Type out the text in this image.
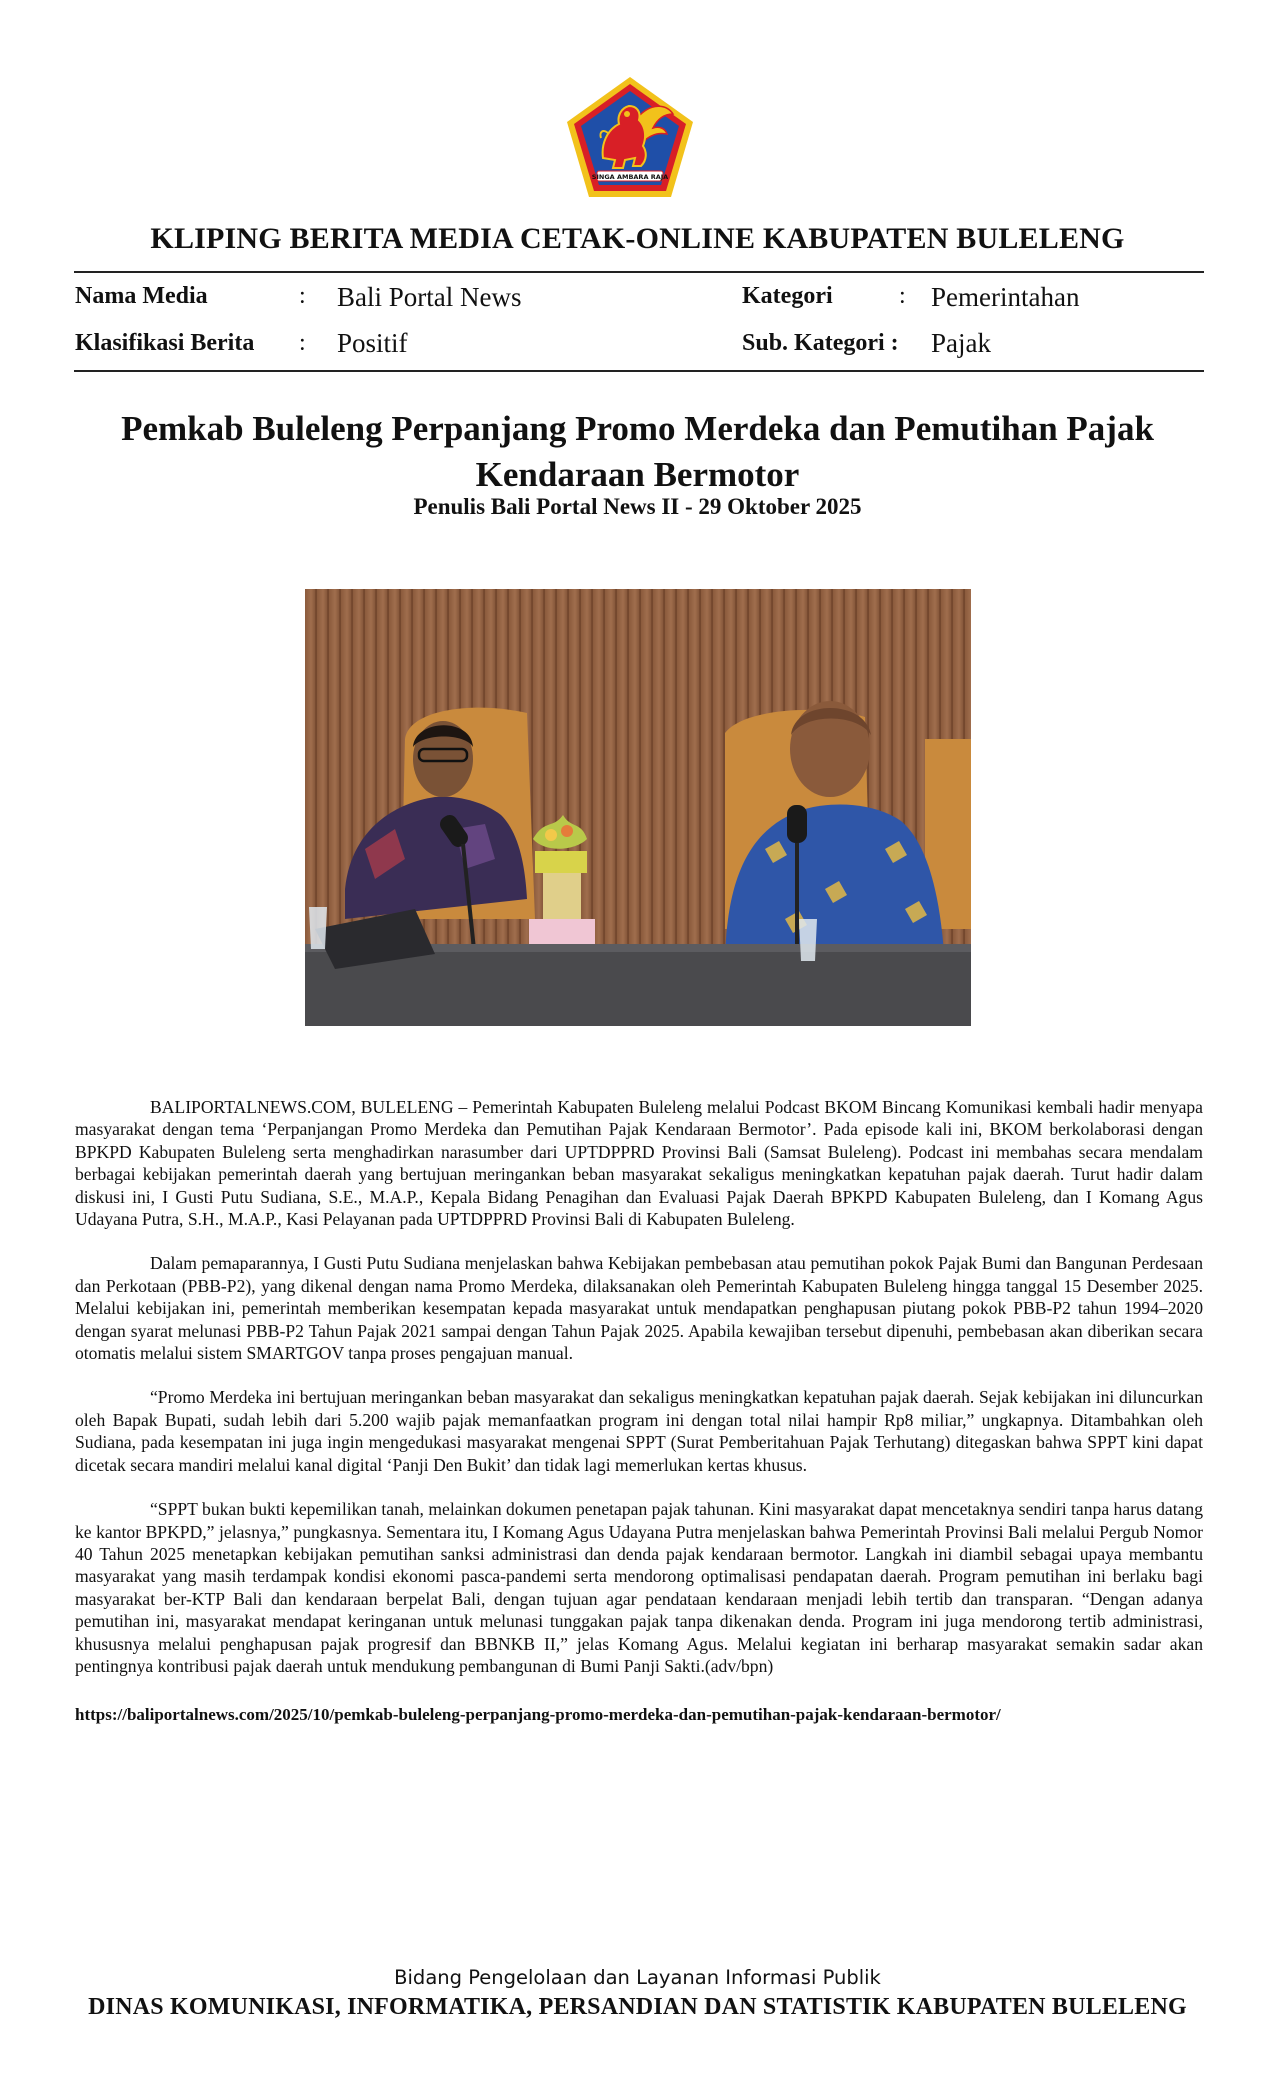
SINGA AMBARA RAJA
KLIPING BERITA MEDIA CETAK-ONLINE KABUPATEN BULELENG
Nama Media	: Bali Portal News	Kategori	: Pemerintahan
Klasifikasi Berita : Positif	Sub. Kategori : Pajak
Pemkab Buleleng Perpanjang Promo Merdeka dan Pemutihan Pajak Kendaraan Bermotor
Penulis Bali Portal News II - 29 Oktober 2025

BALIPORTALNEWS.COM, BULELENG – Pemerintah Kabupaten Buleleng melalui Podcast BKOM Bincang Komunikasi kembali hadir menyapa masyarakat dengan tema ‘Perpanjangan Promo Merdeka dan Pemutihan Pajak Kendaraan Bermotor’. Pada episode kali ini, BKOM berkolaborasi dengan BPKPD Kabupaten Buleleng serta menghadirkan narasumber dari UPTDPPRD Provinsi Bali (Samsat Buleleng). Podcast ini membahas secara mendalam berbagai kebijakan pemerintah daerah yang bertujuan meringankan beban masyarakat sekaligus meningkatkan kepatuhan pajak daerah. Turut hadir dalam diskusi ini, I Gusti Putu Sudiana, S.E., M.A.P., Kepala Bidang Penagihan dan Evaluasi Pajak Daerah BPKPD Kabupaten Buleleng, dan I Komang Agus Udayana Putra, S.H., M.A.P., Kasi Pelayanan pada UPTDPPRD Provinsi Bali di Kabupaten Buleleng.

Dalam pemaparannya, I Gusti Putu Sudiana menjelaskan bahwa Kebijakan pembebasan atau pemutihan pokok Pajak Bumi dan Bangunan Perdesaan dan Perkotaan (PBB-P2), yang dikenal dengan nama Promo Merdeka, dilaksanakan oleh Pemerintah Kabupaten Buleleng hingga tanggal 15 Desember 2025. Melalui kebijakan ini, pemerintah memberikan kesempatan kepada masyarakat untuk mendapatkan penghapusan piutang pokok PBB-P2 tahun 1994–2020 dengan syarat melunasi PBB-P2 Tahun Pajak 2021 sampai dengan Tahun Pajak 2025. Apabila kewajiban tersebut dipenuhi, pembebasan akan diberikan secara otomatis melalui sistem SMARTGOV tanpa proses pengajuan manual.

“Promo Merdeka ini bertujuan meringankan beban masyarakat dan sekaligus meningkatkan kepatuhan pajak daerah. Sejak kebijakan ini diluncurkan oleh Bapak Bupati, sudah lebih dari 5.200 wajib pajak memanfaatkan program ini dengan total nilai hampir Rp8 miliar,” ungkapnya. Ditambahkan oleh Sudiana, pada kesempatan ini juga ingin mengedukasi masyarakat mengenai SPPT (Surat Pemberitahuan Pajak Terhutang) ditegaskan bahwa SPPT kini dapat dicetak secara mandiri melalui kanal digital ‘Panji Den Bukit’ dan tidak lagi memerlukan kertas khusus.

“SPPT bukan bukti kepemilikan tanah, melainkan dokumen penetapan pajak tahunan. Kini masyarakat dapat mencetaknya sendiri tanpa harus datang ke kantor BPKPD,” jelasnya,” pungkasnya. Sementara itu, I Komang Agus Udayana Putra menjelaskan bahwa Pemerintah Provinsi Bali melalui Pergub Nomor 40 Tahun 2025 menetapkan kebijakan pemutihan sanksi administrasi dan denda pajak kendaraan bermotor. Langkah ini diambil sebagai upaya membantu masyarakat yang masih terdampak kondisi ekonomi pasca-pandemi serta mendorong optimalisasi pendapatan daerah. Program pemutihan ini berlaku bagi masyarakat ber-KTP Bali dan kendaraan berpelat Bali, dengan tujuan agar pendataan kendaraan menjadi lebih tertib dan transparan. “Dengan adanya pemutihan ini, masyarakat mendapat keringanan untuk melunasi tunggakan pajak tanpa dikenakan denda. Program ini juga mendorong tertib administrasi, khususnya melalui penghapusan pajak progresif dan BBNKB II,” jelas Komang Agus. Melalui kegiatan ini berharap masyarakat semakin sadar akan pentingnya kontribusi pajak daerah untuk mendukung pembangunan di Bumi Panji Sakti.(adv/bpn)

https://baliportalnews.com/2025/10/pemkab-buleleng-perpanjang-promo-merdeka-dan-pemutihan-pajak-kendaraan-bermotor/
Bidang Pengelolaan dan Layanan Informasi Publik
DINAS KOMUNIKASI, INFORMATIKA, PERSANDIAN DAN STATISTIK KABUPATEN BULELENG
